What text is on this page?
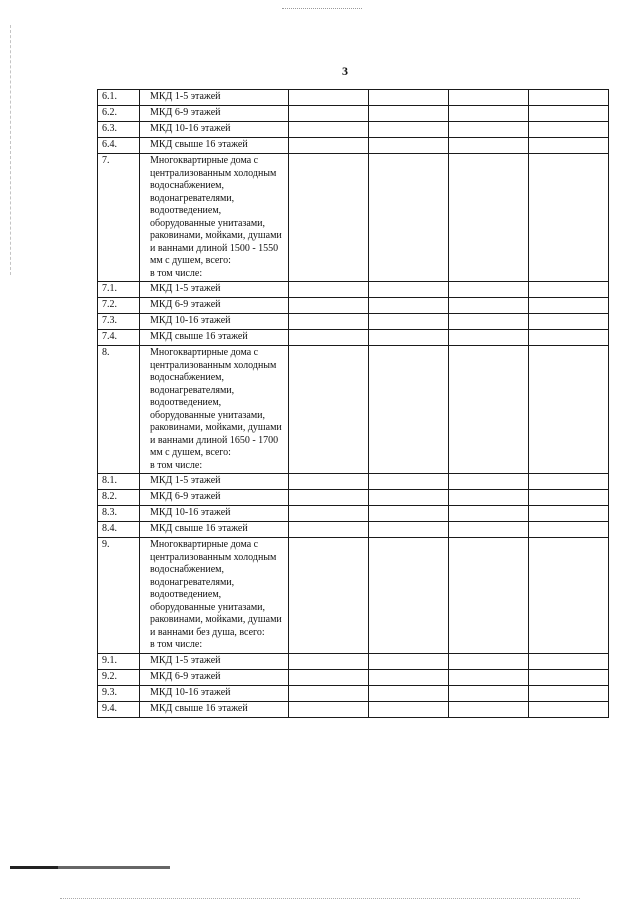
3
6.1.	МКД 1-5 этажей				

6.2.	МКД 6-9 этажей				

6.3.	МКД 10-16 этажей				

6.4.	МКД свыше 16 этажей				

7.	Многоквартирные дома с централизованным холодным водоснабжением, водонагревателями, водоотведением, оборудованные унитазами, раковинами, мойками, душами и ваннами длиной 1500 - 1550 мм с душем, всего:
в том числе:				

7.1.	МКД 1-5 этажей				

7.2.	МКД 6-9 этажей				

7.3.	МКД 10-16 этажей				

7.4.	МКД свыше 16 этажей				

8.	Многоквартирные дома с централизованным холодным водоснабжением, водонагревателями, водоотведением, оборудованные унитазами, раковинами, мойками, душами и ваннами длиной 1650 - 1700 мм с душем, всего:
в том числе:				

8.1.	МКД 1-5 этажей				

8.2.	МКД 6-9 этажей				

8.3.	МКД 10-16 этажей				

8.4.	МКД свыше 16 этажей				

9.	Многоквартирные дома с централизованным холодным водоснабжением, водонагревателями, водоотведением, оборудованные унитазами, раковинами, мойками, душами и ваннами без душа, всего:
в том числе:				

9.1.	МКД 1-5 этажей				

9.2.	МКД 6-9 этажей				

9.3.	МКД 10-16 этажей				

9.4.	МКД свыше 16 этажей				
